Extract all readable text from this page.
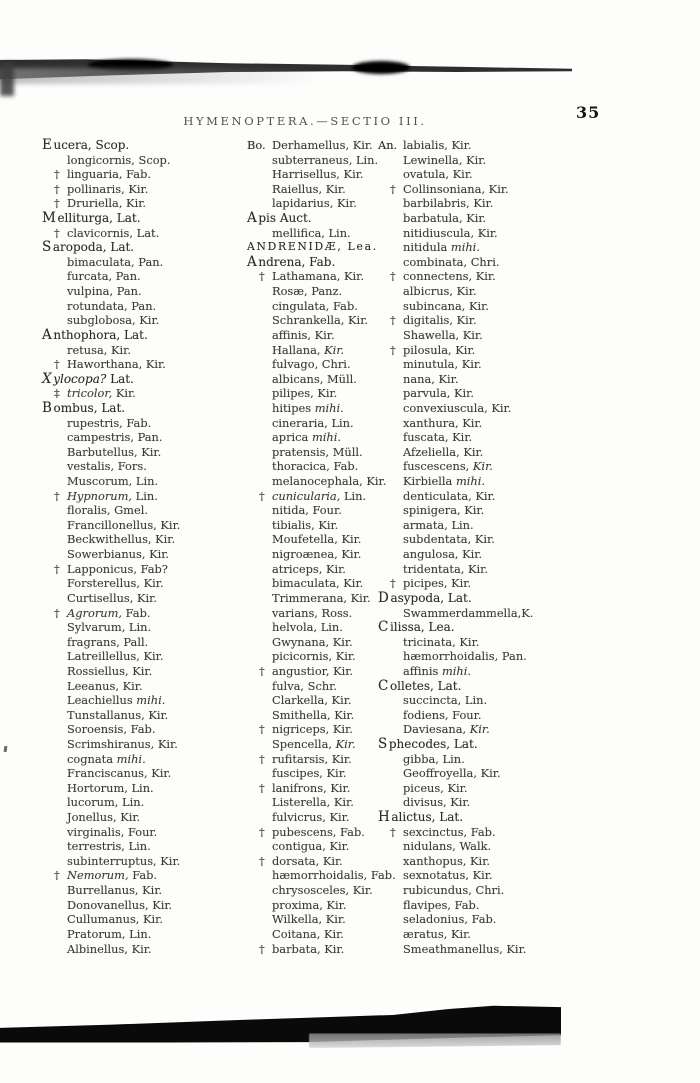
HYMENOPTERA.—SECTIO III.	35
Eucera, Scop.
longicornis, Scop.
† linguaria, Fab.
† pollinaris, Kir.
† Druriella, Kir.
Melliturga, Lat.
† clavicornis, Lat.
Saropoda, Lat.
bimaculata, Pan.
furcata, Pan.
vulpina, Pan.
rotundata, Pan.
subglobosa, Kir.
Anthophora, Lat.
retusa, Kir.
† Haworthana, Kir.
Xylocopa? Lat.
‡ tricolor, Kir.
Bombus, Lat.
rupestris, Fab.
campestris, Pan.
Barbutellus, Kir.
vestalis, Fors.
Muscorum, Lin.
† Hypnorum, Lin.
floralis, Gmel.
Francillonellus, Kir.
Beckwithellus, Kir.
Sowerbianus, Kir.
† Lapponicus, Fab?
Forsterellus, Kir.
Curtisellus, Kir.
† Agrorum, Fab.
Sylvarum, Lin.
fragrans, Pall.
Latreillellus, Kir.
Rossiellus, Kir.
Leeanus, Kir.
Leachiellus mihi.
Tunstallanus, Kir.
Soroensis, Fab.
Scrimshiranus, Kir.
cognata mihi.
Franciscanus, Kir.
Hortorum, Lin.
lucorum, Lin.
Jonellus, Kir.
virginalis, Four.
terrestris, Lin.
subinterruptus, Kir.
† Nemorum, Fab.
Burrellanus, Kir.
Donovanellus, Kir.
Cullumanus, Kir.
Pratorum, Lin.
Albinellus, Kir.
Bo. Derhamellus, Kir.
subterraneus, Lin.
Harrisellus, Kir.
Raiellus, Kir.
lapidarius, Kir.
Apis Auct.
mellifica, Lin.
ANDRENIDÆ, Lea.
Andrena, Fab.
† Lathamana, Kir.
Rosæ, Panz.
cingulata, Fab.
Schrankella, Kir.
affinis, Kir.
Hallana, Kir.
fulvago, Chri.
albicans, Müll.
pilipes, Kir.
hitipes mihi.
cineraria, Lin.
aprica mihi.
pratensis, Müll.
thoracica, Fab.
melanocephala, Kir.
† cunicularia, Lin.
nitida, Four.
tibialis, Kir.
Moufetella, Kir.
nigroænea, Kir.
atriceps, Kir.
bimaculata, Kir.
Trimmerana, Kir.
varians, Ross.
helvola, Lin.
Gwynana, Kir.
picicornis, Kir.
† angustior, Kir.
fulva, Schr.
Clarkella, Kir.
Smithella, Kir.
† nigriceps, Kir.
Spencella, Kir.
† rufitarsis, Kir.
fuscipes, Kir.
† lanifrons, Kir.
Listerella, Kir.
fulvicrus, Kir.
† pubescens, Fab.
contigua, Kir.
† dorsata, Kir.
hæmorrhoidalis, Fab.
chrysosceles, Kir.
proxima, Kir.
Wilkella, Kir.
Coitana, Kir.
† barbata, Kir.
An. labialis, Kir.
Lewinella, Kir.
ovatula, Kir.
† Collinsoniana, Kir.
barbilabris, Kir.
barbatula, Kir.
nitidiuscula, Kir.
nitidula mihi.
combinata, Chri.
† connectens, Kir.
albicrus, Kir.
subincana, Kir.
† digitalis, Kir.
Shawella, Kir.
† pilosula, Kir.
minutula, Kir.
nana, Kir.
parvula, Kir.
convexiuscula, Kir.
xanthura, Kir.
fuscata, Kir.
Afzeliella, Kir.
fuscescens, Kir.
Kirbiella mihi.
denticulata, Kir.
spinigera, Kir.
armata, Lin.
subdentata, Kir.
angulosa, Kir.
tridentata, Kir.
† picipes, Kir.
Dasypoda, Lat.
Swammerdammella,K.
Cilissa, Lea.
tricinata, Kir.
hæmorrhoidalis, Pan.
affinis mihi.
Colletes, Lat.
succincta, Lin.
fodiens, Four.
Daviesana, Kir.
Sphecodes, Lat.
gibba, Lin.
Geoffroyella, Kir.
piceus, Kir.
divisus, Kir.
Halictus, Lat.
† sexcinctus, Fab.
nidulans, Walk.
xanthopus, Kir.
sexnotatus, Kir.
rubicundus, Chri.
flavipes, Fab.
seladonius, Fab.
æratus, Kir.
Smeathmanellus, Kir.
